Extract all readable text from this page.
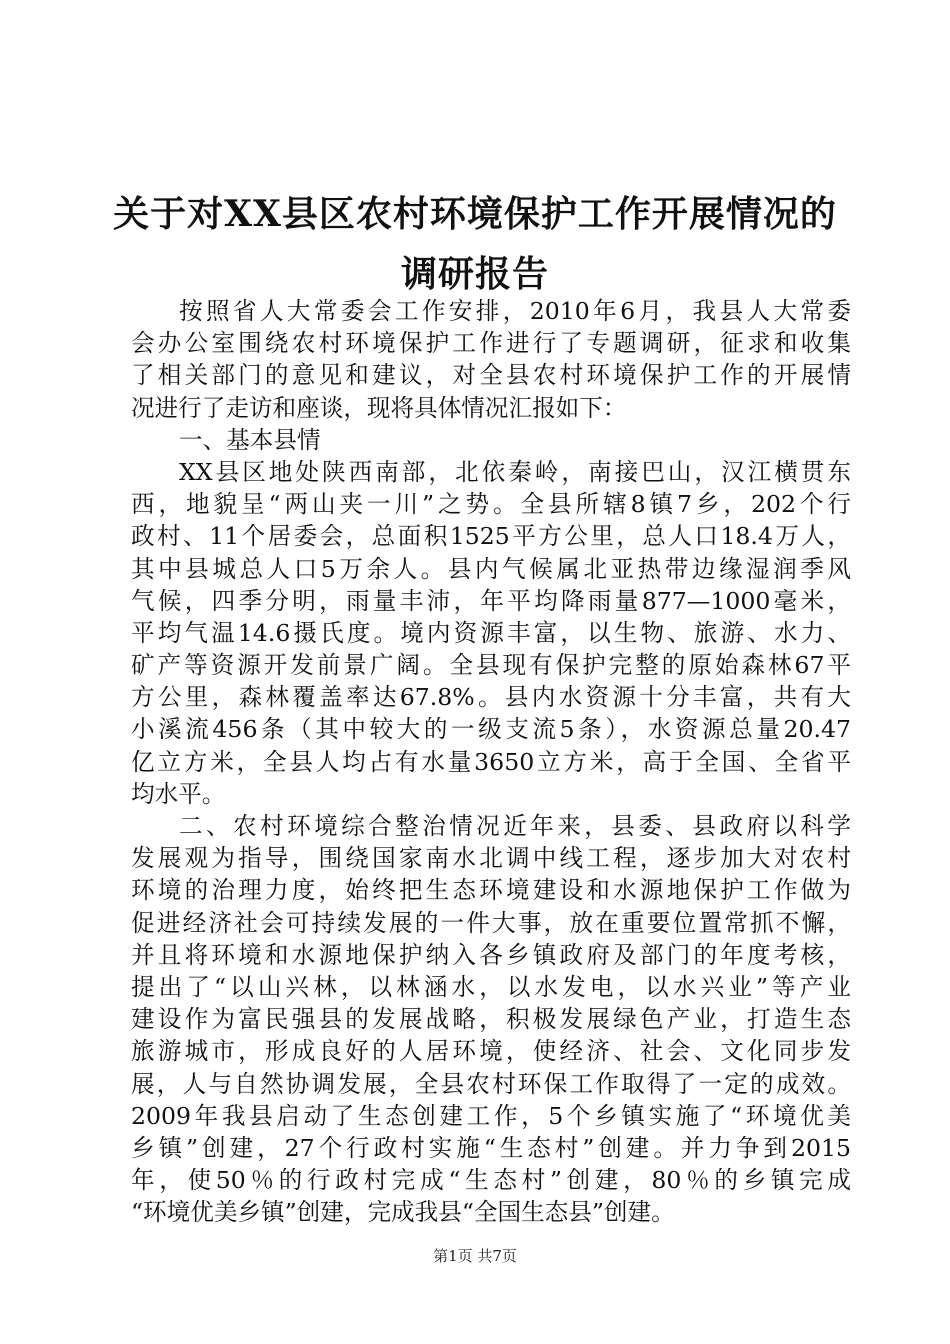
关于对XX县区农村环境保护工作开展情况的
调研报告
按照省人大常委会工作安排，2010年6月，我县人大常委
会办公室围绕农村环境保护工作进行了专题调研，征求和收集
了相关部门的意见和建议，对全县农村环境保护工作的开展情
况进行了走访和座谈，现将具体情况汇报如下：
一、基本县情
XX县区地处陕西南部，北依秦岭，南接巴山，汉江横贯东
西，地貌呈“两山夹一川”之势。全县所辖8镇7乡，202个行
政村、11个居委会，总面积1525平方公里，总人口18.4万人，
其中县城总人口5万余人。县内气候属北亚热带边缘湿润季风
气候，四季分明，雨量丰沛，年平均降雨量877—1000毫米，
平均气温14.6摄氏度。境内资源丰富，以生物、旅游、水力、
矿产等资源开发前景广阔。全县现有保护完整的原始森林67平
方公里，森林覆盖率达67.8%。县内水资源十分丰富，共有大
小溪流456条（其中较大的一级支流5条），水资源总量20.47
亿立方米，全县人均占有水量3650立方米，高于全国、全省平
均水平。
二、农村环境综合整治情况近年来，县委、县政府以科学
发展观为指导，围绕国家南水北调中线工程，逐步加大对农村
环境的治理力度，始终把生态环境建设和水源地保护工作做为
促进经济社会可持续发展的一件大事，放在重要位置常抓不懈，
并且将环境和水源地保护纳入各乡镇政府及部门的年度考核，
提出了“以山兴林，以林涵水，以水发电，以水兴业”等产业
建设作为富民强县的发展战略，积极发展绿色产业，打造生态
旅游城市，形成良好的人居环境，使经济、社会、文化同步发
展，人与自然协调发展，全县农村环保工作取得了一定的成效。
2009年我县启动了生态创建工作，5个乡镇实施了“环境优美
乡镇”创建，27个行政村实施“生态村”创建。并力争到2015
年，使50％的行政村完成“生态村”创建，80％的乡镇完成
“环境优美乡镇”创建，完成我县“全国生态县”创建。
第1页 共7页
